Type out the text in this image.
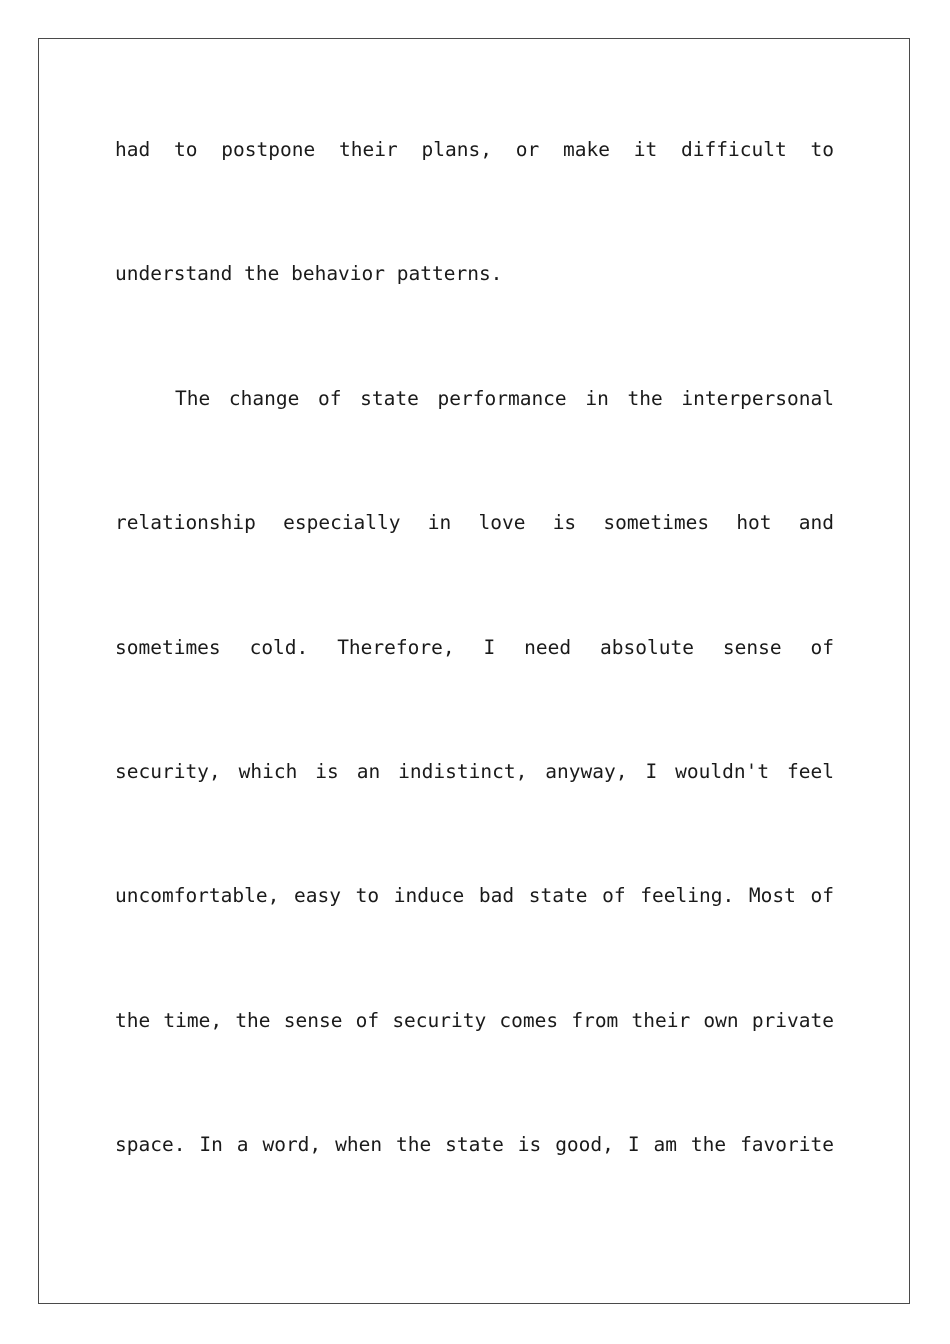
had to postpone their plans, or make it difficult to
understand the behavior patterns.
The change of state performance in the interpersonal
relationship especially in love is sometimes hot and
sometimes cold. Therefore, I need absolute sense of
security, which is an indistinct, anyway, I wouldn't feel
uncomfortable, easy to induce bad state of feeling. Most of
the time, the sense of security comes from their own private
space. In a word, when the state is good, I am the favorite
